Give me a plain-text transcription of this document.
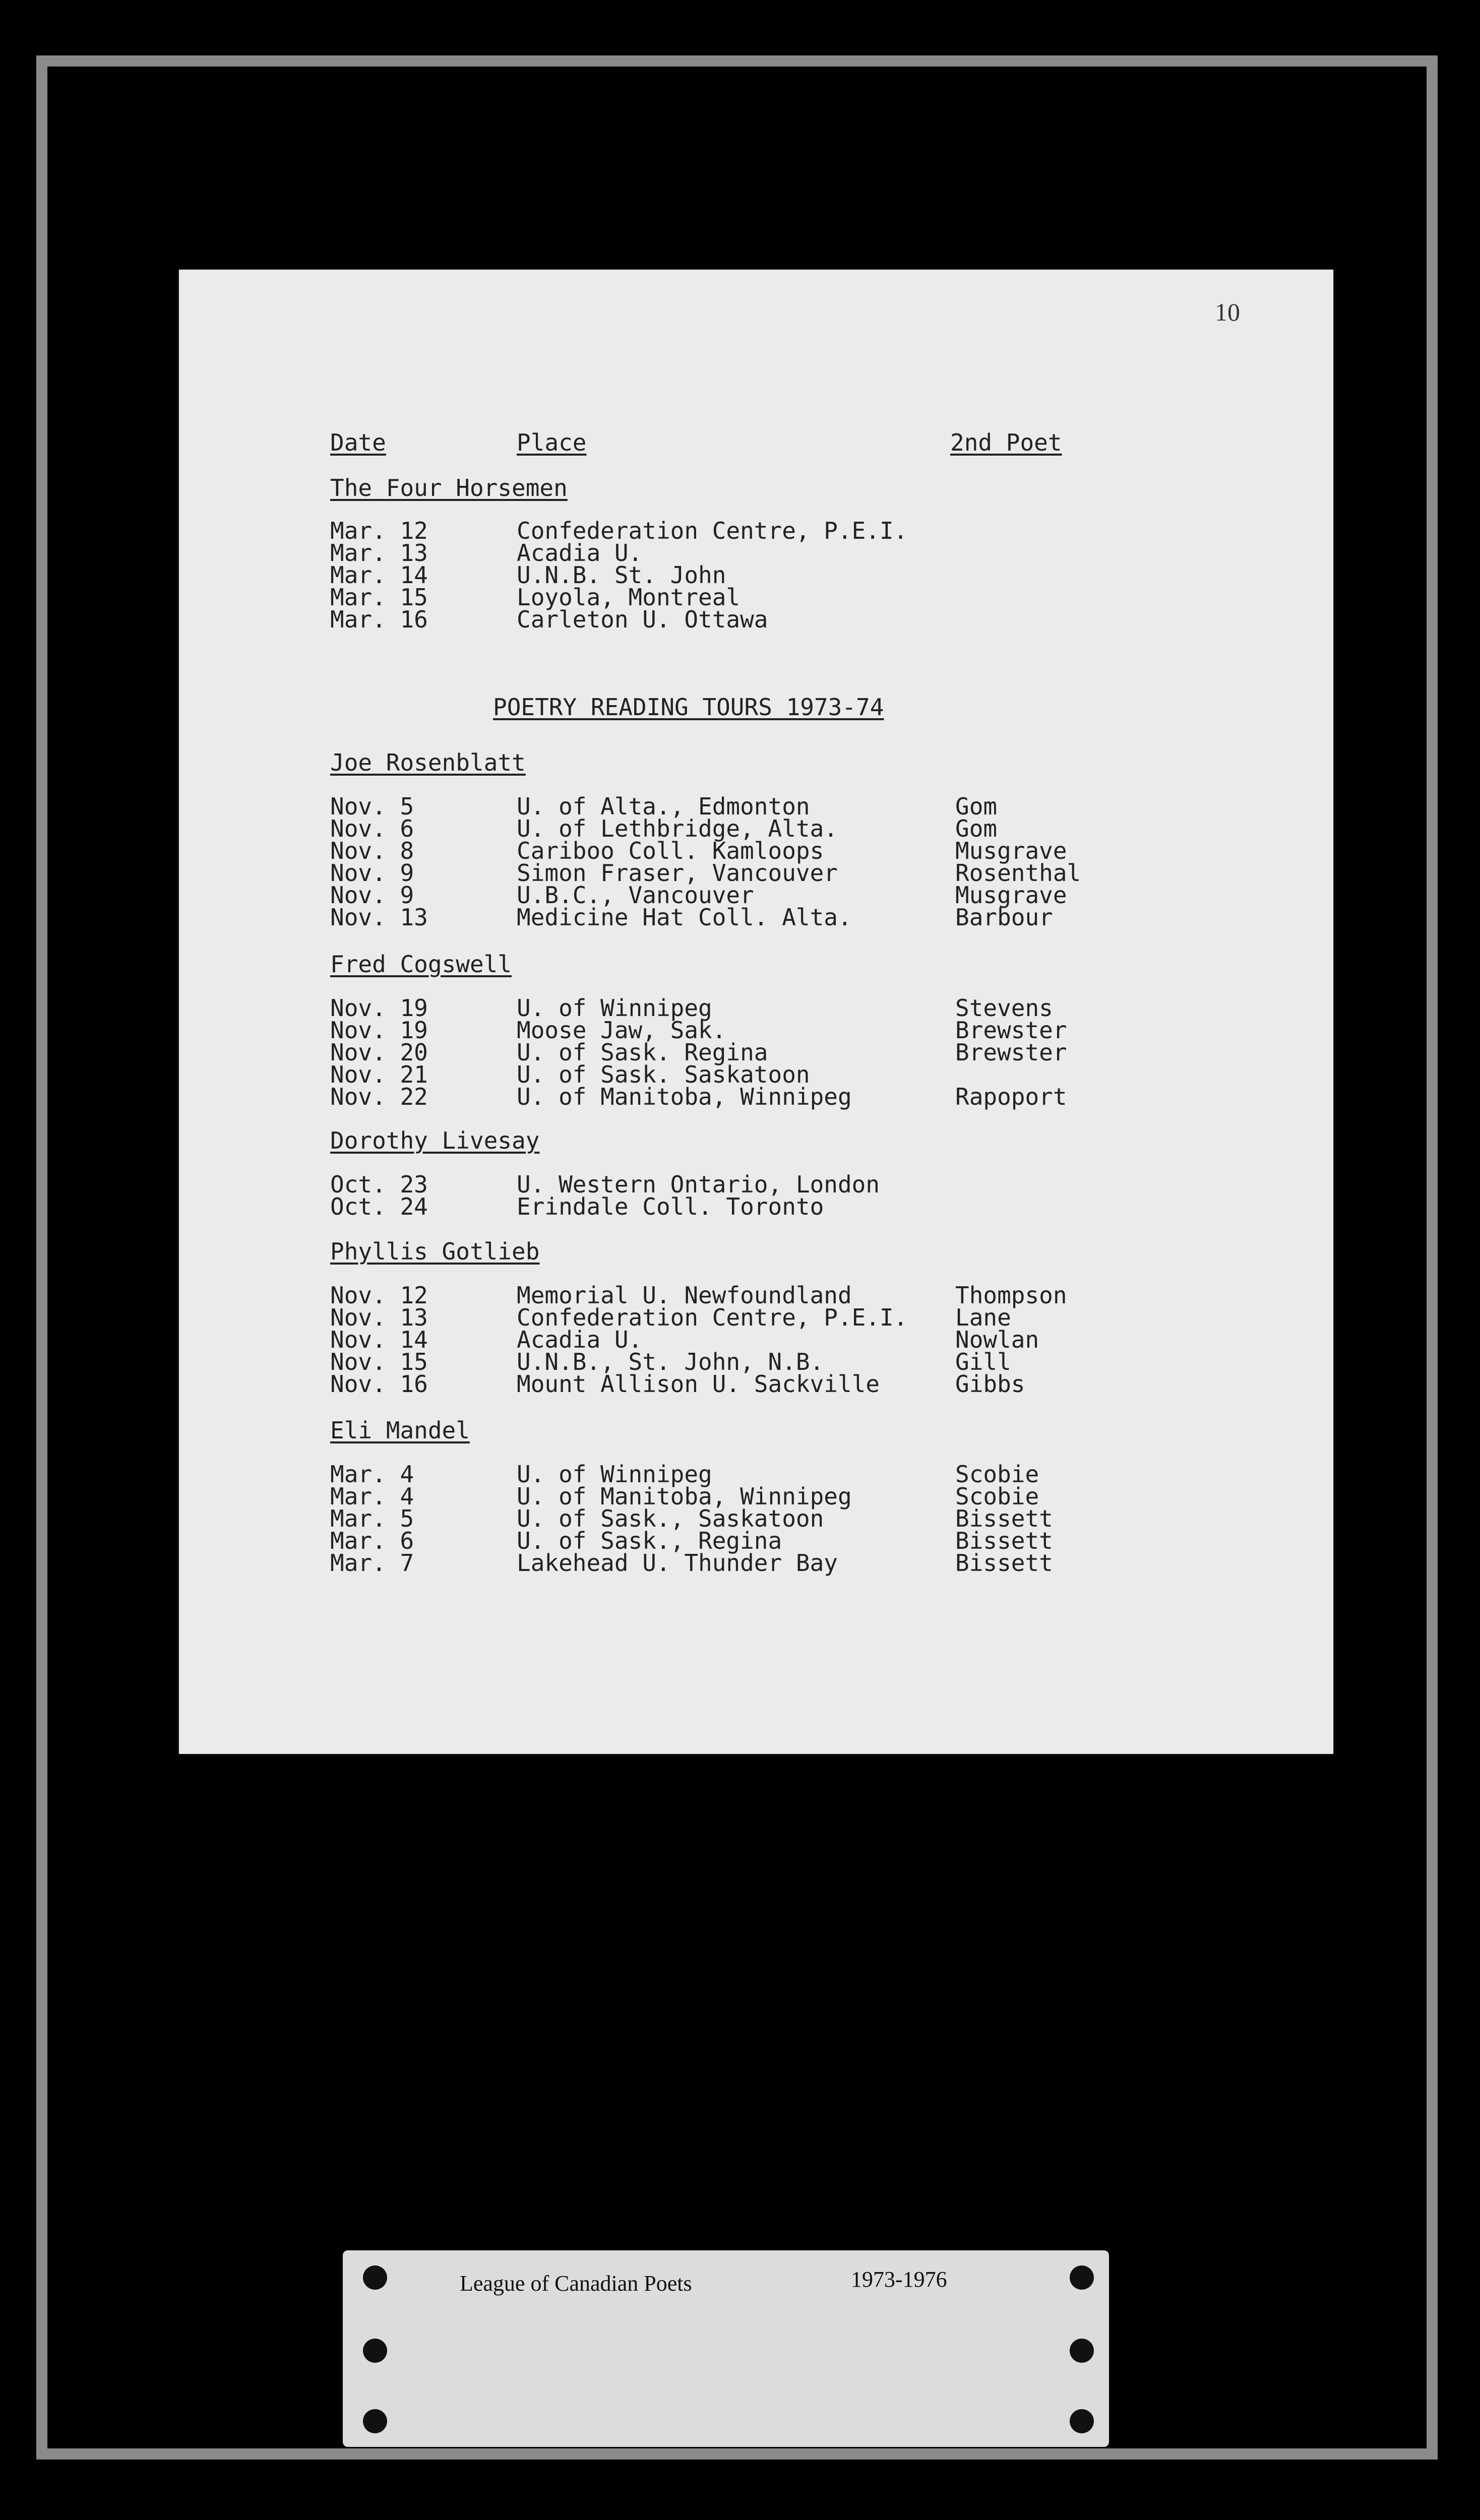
10
Date	Place	2nd Poet
The Four Horsemen
Mar. 12	Confederation Centre, P.E.I.
Mar. 13	Acadia U.
Mar. 14	U.N.B. St. John
Mar. 15	Loyola, Montreal
Mar. 16	Carleton U. Ottawa
POETRY READING TOURS 1973-74
Joe Rosenblatt
Nov. 5	U. of Alta., Edmonton	Gom
Nov. 6	U. of Lethbridge, Alta.	Gom
Nov. 8	Cariboo Coll. Kamloops	Musgrave
Nov. 9	Simon Fraser, Vancouver	Rosenthal
Nov. 9	U.B.C., Vancouver	Musgrave
Nov. 13	Medicine Hat Coll. Alta.	Barbour
Fred Cogswell
Nov. 19	U. of Winnipeg	Stevens
Nov. 19	Moose Jaw, Sak.	Brewster
Nov. 20	U. of Sask. Regina	Brewster
Nov. 21	U. of Sask. Saskatoon
Nov. 22	U. of Manitoba, Winnipeg	Rapoport
Dorothy Livesay
Oct. 23	U. Western Ontario, London
Oct. 24	Erindale Coll. Toronto
Phyllis Gotlieb
Nov. 12	Memorial U. Newfoundland	Thompson
Nov. 13	Confederation Centre, P.E.I. Lane
Nov. 14	Acadia U.	Nowlan
Nov. 15	U.N.B., St. John, N.B.	Gill
Nov. 16	Mount Allison U. Sackville	Gibbs
Eli Mandel
Mar. 4	U. of Winnipeg	Scobie
Mar. 4	U. of Manitoba, Winnipeg	Scobie
Mar. 5	U. of Sask., Saskatoon	Bissett
Mar. 6	U. of Sask., Regina	Bissett
Mar. 7	Lakehead U. Thunder Bay	Bissett
League of Canadian Poets	1973-1976
